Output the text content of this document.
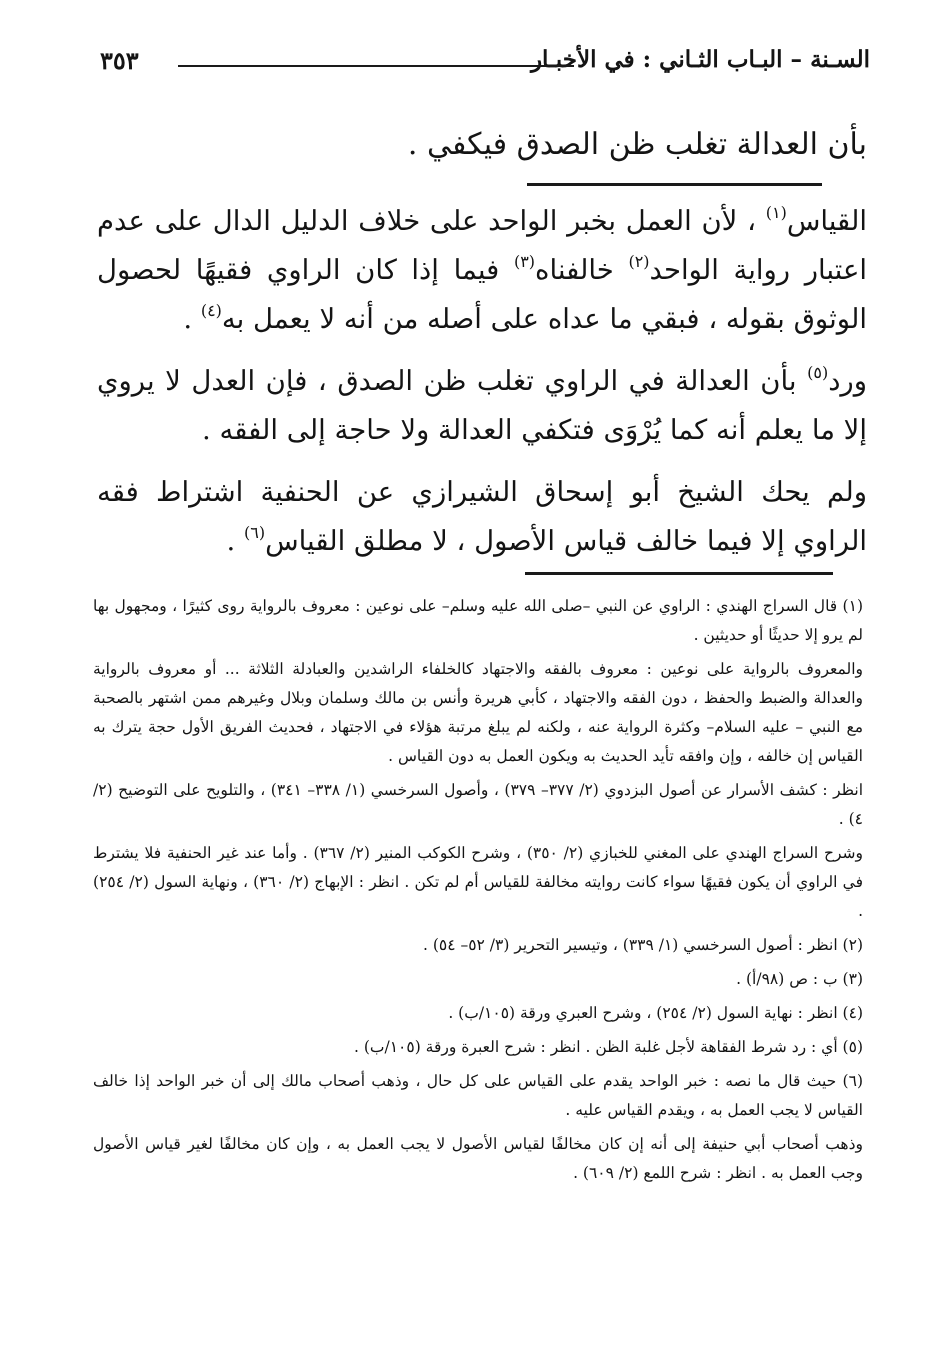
السـنة – البـاب الثـاني : في الأخبـار
٣٥٣
بأن العدالة تغلب ظن الصدق فيكفي .

القياس$^{(١)}$ ، لأن العمل بخبر الواحد على خلاف الدليل الدال على عدم اعتبار رواية الواحد$^{(٢)}$ خالفناه$^{(٣)}$ فيما إذا كان الراوي فقيهًا لحصول الوثوق بقوله ، فبقي ما عداه على أصله من أنه لا يعمل به$^{(٤)}$ .

ورد$^{(٥)}$ بأن العدالة في الراوي تغلب ظن الصدق ، فإن العدل لا يروي إلا ما يعلم أنه كما يُرْوَى فتكفي العدالة ولا حاجة إلى الفقه .

ولم يحك الشيخ أبو إسحاق الشيرازي عن الحنفية اشتراط فقه الراوي إلا فيما خالف قياس الأصول ، لا مطلق القياس$^{(٦)}$ .

(١) قال السراج الهندي : الراوي عن النبي –صلى الله عليه وسلم– على نوعين : معروف بالرواية روى كثيرًا ، ومجهول بها لم يرو إلا حديثًا أو حديثين .

والمعروف بالرواية على نوعين : معروف بالفقه والاجتهاد كالخلفاء الراشدين والعبادلة الثلاثة ... أو معروف بالرواية والعدالة والضبط والحفظ ، دون الفقه والاجتهاد ، كأبي هريرة وأنس بن مالك وسلمان وبلال وغيرهم ممن اشتهر بالصحبة مع النبي – عليه السلام– وكثرة الرواية عنه ، ولكنه لم يبلغ مرتبة هؤلاء في الاجتهاد ، فحديث الفريق الأول حجة يترك به القياس إن خالفه ، وإن وافقه تأيد الحديث به ويكون العمل به دون القياس .

انظر : كشف الأسرار عن أصول البزدوي (٢/ ٣٧٧– ٣٧٩) ، وأصول السرخسي (١/ ٣٣٨– ٣٤١) ، والتلويح على التوضيح (٢/ ٤) .

وشرح السراج الهندي على المغني للخبازي (٢/ ٣٥٠) ، وشرح الكوكب المنير (٢/ ٣٦٧) . وأما عند غير الحنفية فلا يشترط في الراوي أن يكون فقيهًا سواء كانت روايته مخالفة للقياس أم لم تكن . انظر : الإبهاج (٢/ ٣٦٠) ، ونهاية السول (٢/ ٢٥٤) .

(٢) انظر : أصول السرخسي (١/ ٣٣٩) ، وتيسير التحرير (٣/ ٥٢– ٥٤) .

(٣) ب : ص (٩٨/أ) .

(٤) انظر : نهاية السول (٢/ ٢٥٤) ، وشرح العبري ورقة (١٠٥/ب) .

(٥) أي : رد شرط الفقاهة لأجل غلبة الظن . انظر : شرح العبرة ورقة (١٠٥/ب) .

(٦) حيث قال ما نصه : خبر الواحد يقدم على القياس على كل حال ، وذهب أصحاب مالك إلى أن خبر الواحد إذا خالف القياس لا يجب العمل به ، ويقدم القياس عليه .

وذهب أصحاب أبي حنيفة إلى أنه إن كان مخالفًا لقياس الأصول لا يجب العمل به ، وإن كان مخالفًا لغير قياس الأصول وجب العمل به . انظر : شرح اللمع (٢/ ٦٠٩) .
